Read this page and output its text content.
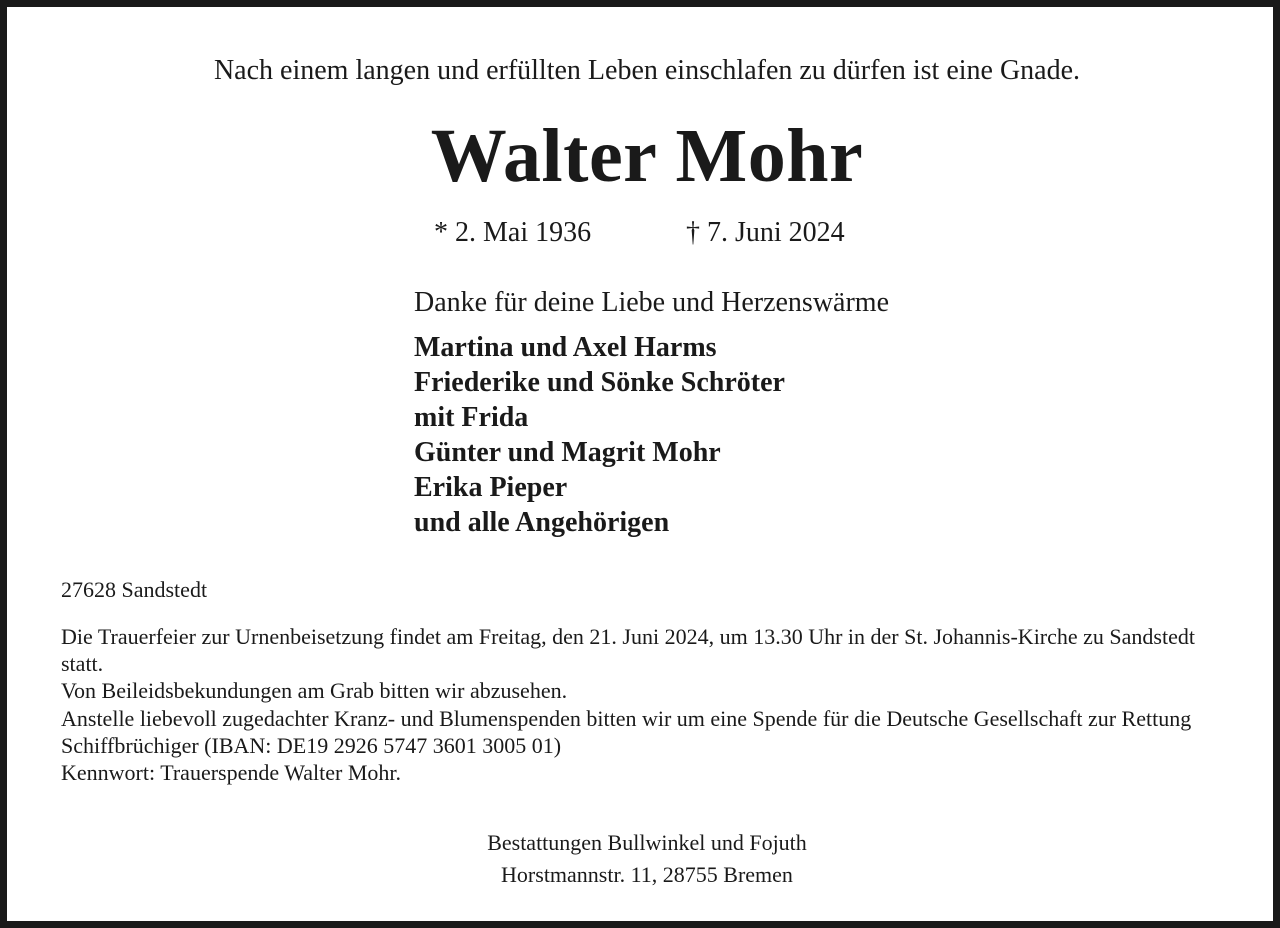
Nach einem langen und erfüllten Leben einschlafen zu dürfen ist eine Gnade.
Walter Mohr
* 2. Mai 1936	† 7. Juni 2024
Danke für deine Liebe und Herzenswärme
Martina und Axel Harms
Friederike und Sönke Schröter
mit Frida
Günter und Magrit Mohr
Erika Pieper
und alle Angehörigen
27628 Sandstedt

Die Trauerfeier zur Urnenbeisetzung findet am Freitag, den 21. Juni 2024, um 13.30 Uhr in der St. Johannis-Kirche zu Sandstedt statt.

Von Beileidsbekundungen am Grab bitten wir abzusehen.

Anstelle liebevoll zugedachter Kranz- und Blumenspenden bitten wir um eine Spende für die Deutsche Gesellschaft zur Rettung Schiffbrüchiger (IBAN: DE19 2926 5747 3601 3005 01)

Kennwort: Trauerspende Walter Mohr.

Bestattungen Bullwinkel und Fojuth
Horstmannstr. 11, 28755 Bremen
